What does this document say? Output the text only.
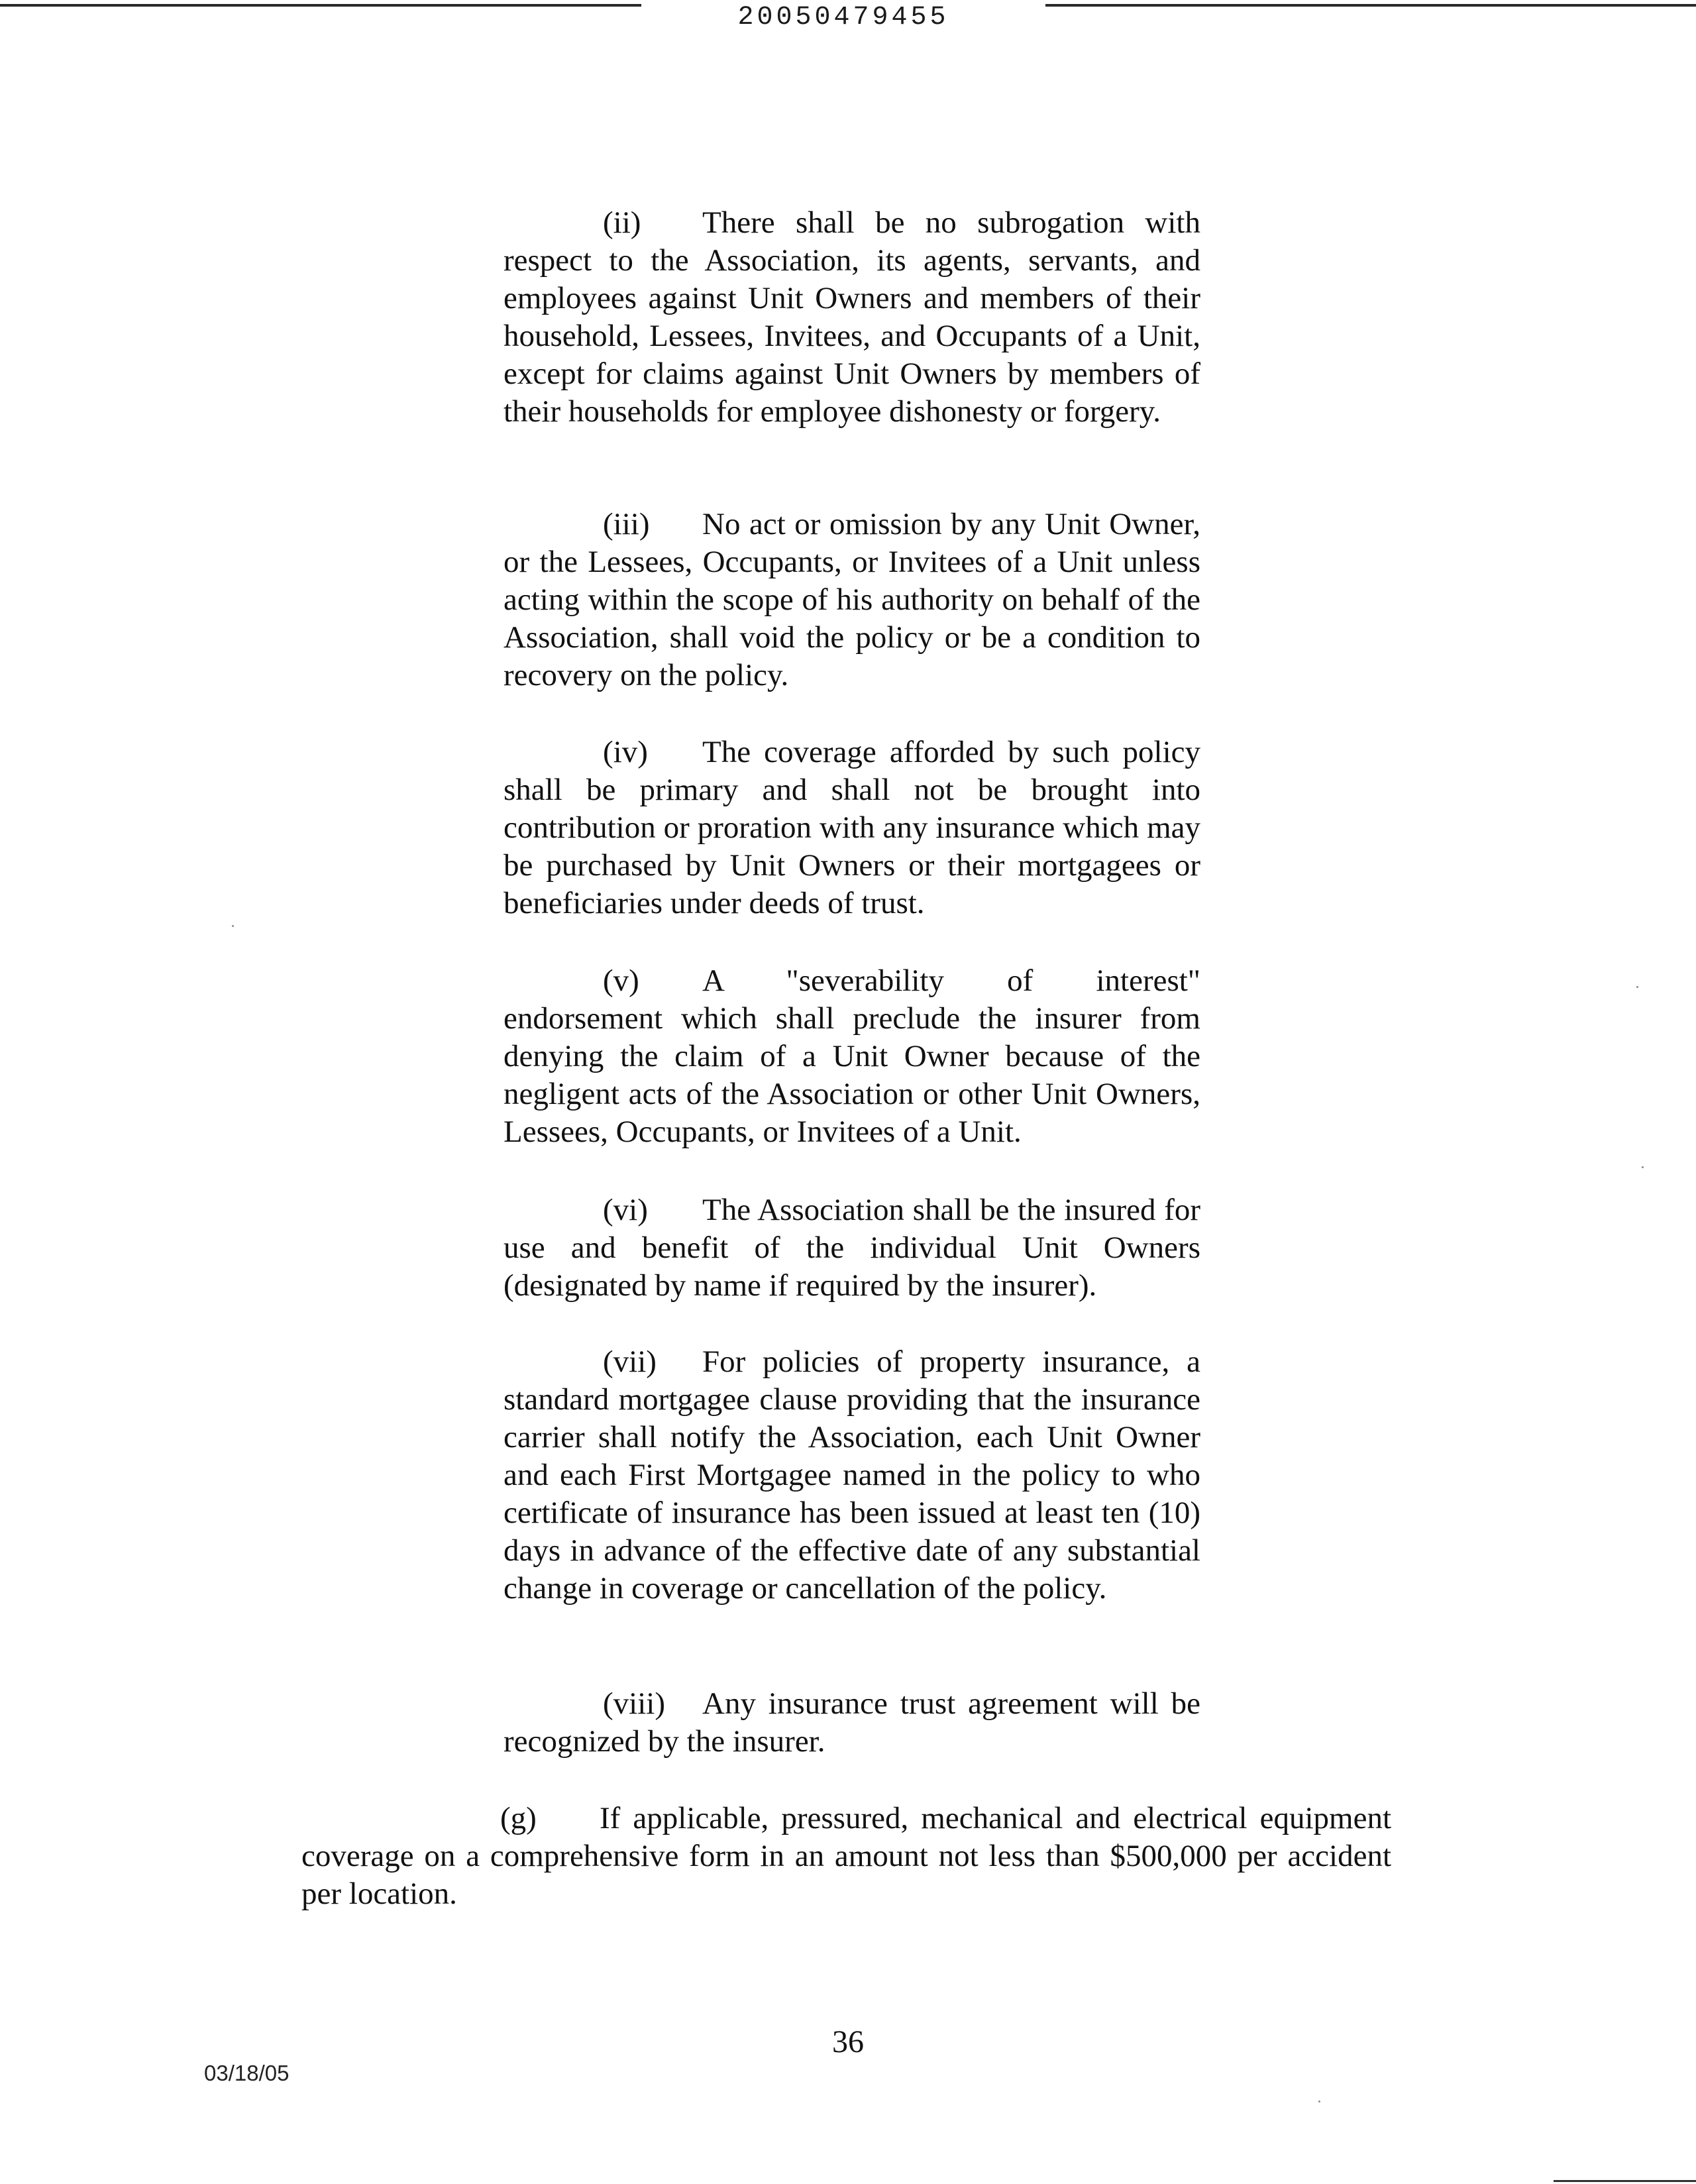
20050479455

(ii) There shall be no subrogation with respect to the Association, its agents, servants, and employees against Unit Owners and members of their household, Lessees, Invitees, and Occupants of a Unit, except for claims against Unit Owners by members of their households for employee dishonesty or forgery.

(iii) No act or omission by any Unit Owner, or the Lessees, Occupants, or Invitees of a Unit unless acting within the scope of his authority on behalf of the Association, shall void the policy or be a condition to recovery on the policy.

(iv) The coverage afforded by such policy shall be primary and shall not be brought into contribution or proration with any insurance which may be purchased by Unit Owners or their mortgagees or beneficiaries under deeds of trust.

(v) A "severability of interest" endorsement which shall preclude the insurer from denying the claim of a Unit Owner because of the negligent acts of the Association or other Unit Owners, Lessees, Occupants, or Invitees of a Unit.

(vi) The Association shall be the insured for use and benefit of the individual Unit Owners (designated by name if required by the insurer).

(vii) For policies of property insurance, a standard mortgagee clause providing that the insurance carrier shall notify the Association, each Unit Owner and each First Mortgagee named in the policy to who certificate of insurance has been issued at least ten (10) days in advance of the effective date of any substantial change in coverage or cancellation of the policy.

(viii) Any insurance trust agreement will be recognized by the insurer.

(g) If applicable, pressured, mechanical and electrical equipment coverage on a comprehensive form in an amount not less than $500,000 per accident per location.

36
03/18/05
